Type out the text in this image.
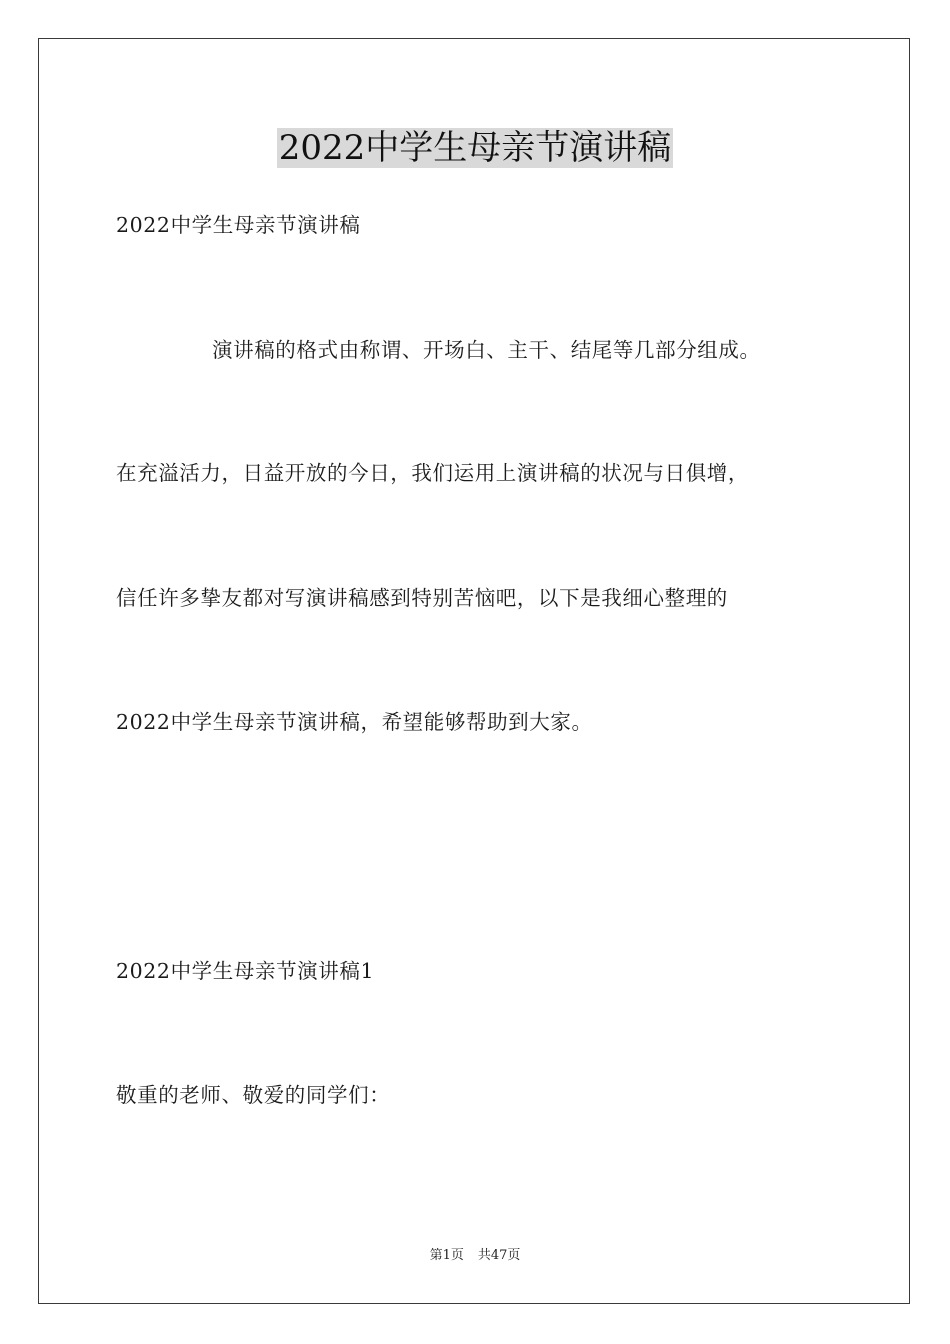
2022中学生母亲节演讲稿

2022中学生母亲节演讲稿

演讲稿的格式由称谓、开场白、主干、结尾等几部分组成。

在充溢活力，日益开放的今日，我们运用上演讲稿的状况与日俱增，

信任许多挚友都对写演讲稿感到特别苦恼吧，以下是我细心整理的

2022中学生母亲节演讲稿，希望能够帮助到大家。

2022中学生母亲节演讲稿1

敬重的老师、敬爱的同学们：

第1页 共47页
